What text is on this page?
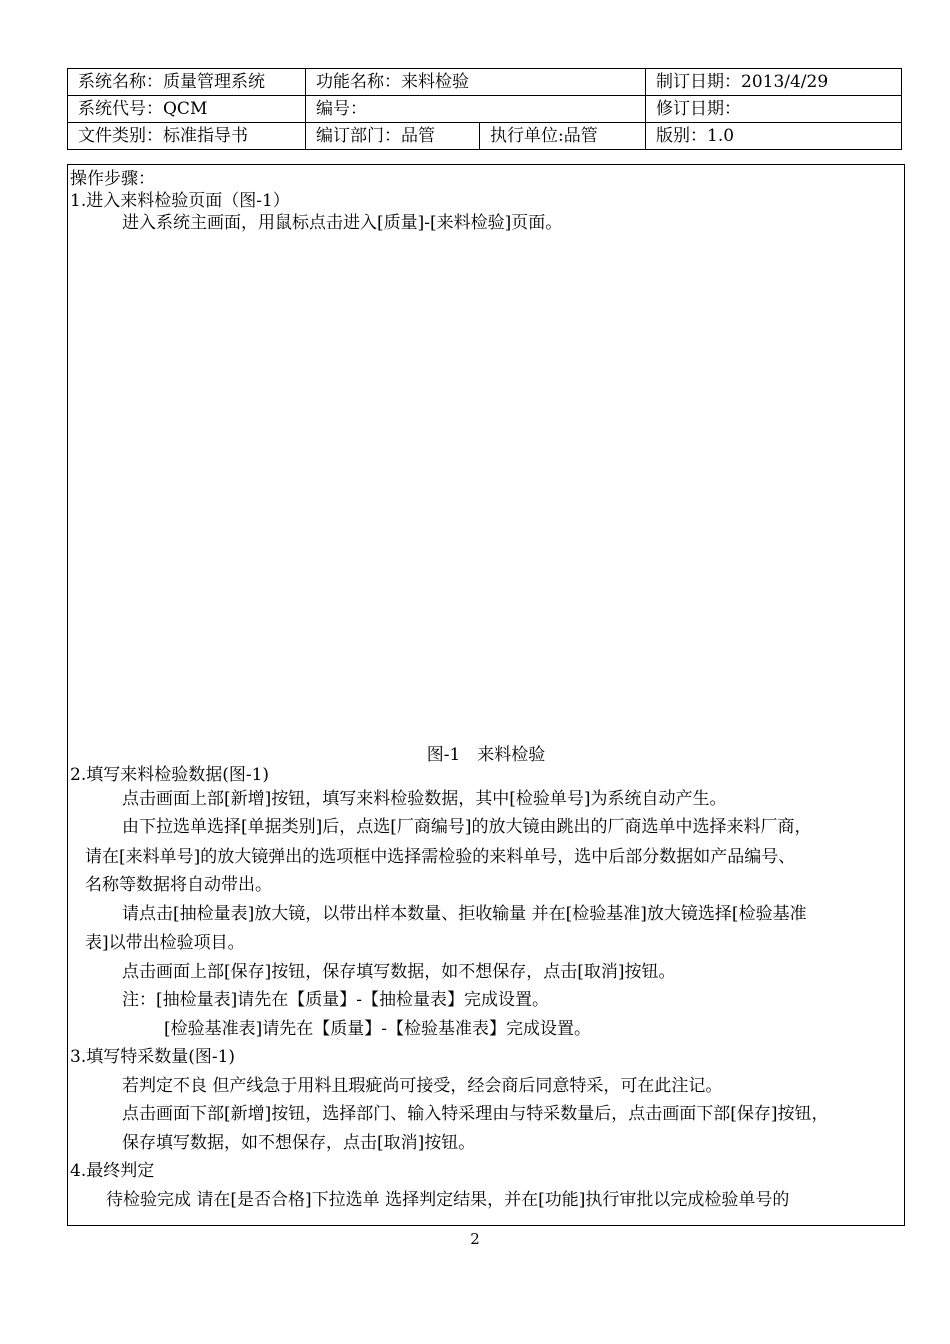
系统名称：质量管理系统	功能名称：来料检验		制订日期：2013/4/29
系统代号：QCM	编号：		修订日期：
文件类别：标准指导书	编订部门：品管	执行单位:品管	版别：1.0
操作步骤：
1.进入来料检验页面（图-1）
进入系统主画面，用鼠标点击进入[质量]-[来料检验]页面。
图-1　来料检验
2.填写来料检验数据(图-1)
点击画面上部[新增]按钮，填写来料检验数据，其中[检验单号]为系统自动产生。
由下拉选单选择[单据类别]后，点选[厂商编号]的放大镜由跳出的厂商选单中选择来料厂商，
请在[来料单号]的放大镜弹出的选项框中选择需检验的来料单号，选中后部分数据如产品编号、
名称等数据将自动带出。
请点击[抽检量表]放大镜，以带出样本数量、拒收输量 并在[检验基准]放大镜选择[检验基准
表]以带出检验项目。
点击画面上部[保存]按钮，保存填写数据，如不想保存，点击[取消]按钮。
注：[抽检量表]请先在【质量】-【抽检量表】完成设置。
[检验基准表]请先在【质量】-【检验基准表】完成设置。
3.填写特采数量(图-1)
若判定不良 但产线急于用料且瑕疵尚可接受，经会商后同意特采，可在此注记。
点击画面下部[新增]按钮，选择部门、输入特采理由与特采数量后，点击画面下部[保存]按钮，
保存填写数据，如不想保存，点击[取消]按钮。
4.最终判定
待检验完成 请在[是否合格]下拉选单 选择判定结果，并在[功能]执行审批以完成检验单号的
2
